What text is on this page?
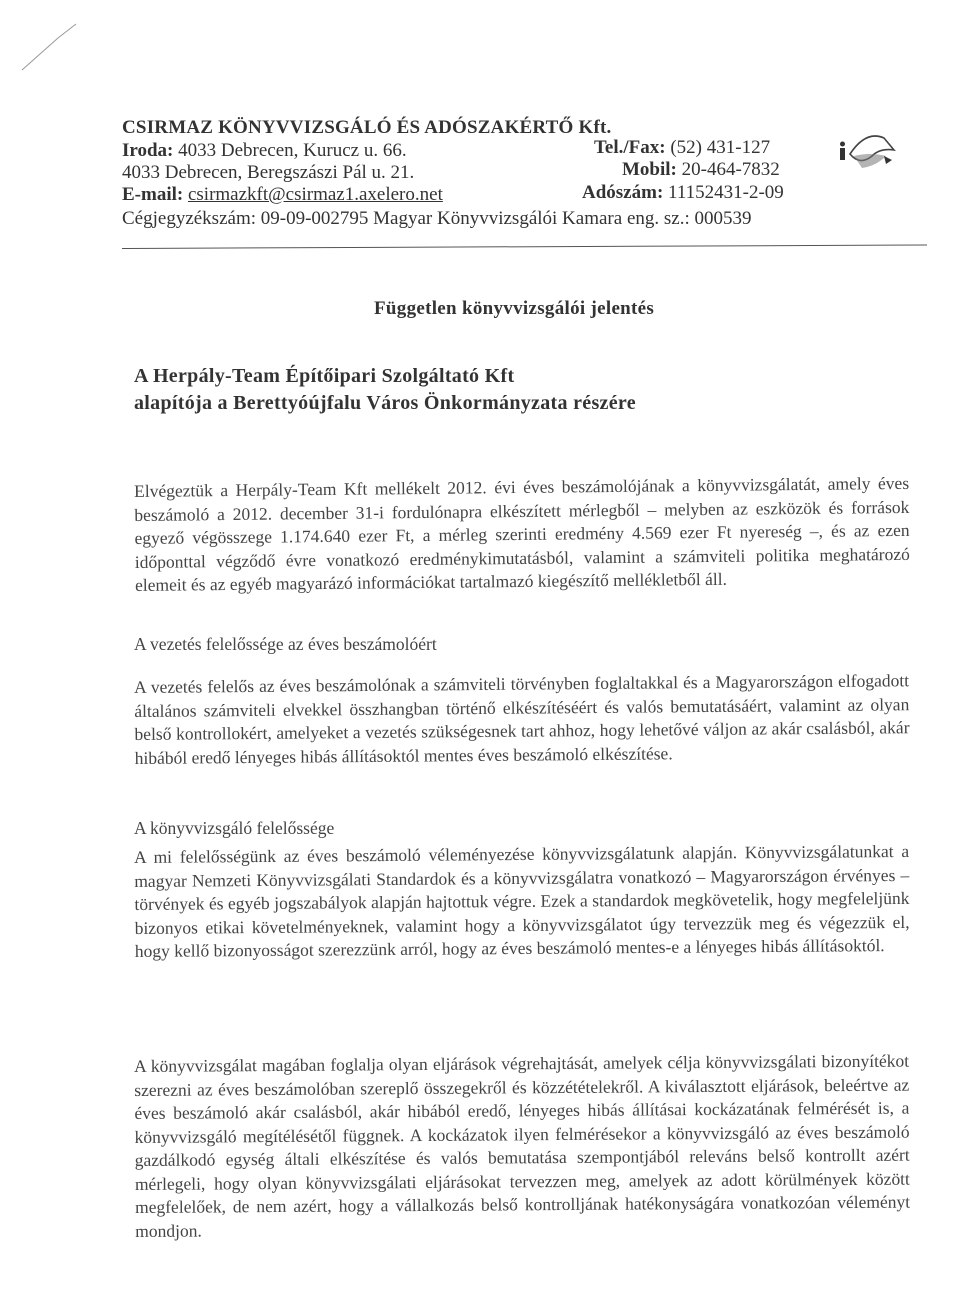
CSIRMAZ KÖNYVVIZSGÁLÓ ÉS ADÓSZAKÉRTŐ Kft.
Iroda: 4033 Debrecen, Kurucz u. 66.
4033 Debrecen, Beregszászi Pál u. 21.
E-mail: csirmazkft@csirmaz1.axelero.net
Cégjegyzékszám: 09-09-002795 Magyar Könyvvizsgálói Kamara eng. sz.: 000539
Tel./Fax: (52) 431-127
Mobil: 20-464-7832
Adószám: 11152431-2-09
Független könyvvizsgálói jelentés
A Herpály-Team Építőipari Szolgáltató Kft
alapítója a Berettyóújfalu Város Önkormányzata részére
Elvégeztük a Herpály-Team Kft mellékelt 2012. évi éves beszámolójának a könyvvizsgálatát, amely éves beszámoló a 2012. december 31-i fordulónapra elkészített mérlegből – melyben az eszközök és források egyező végösszege 1.174.640 ezer Ft, a mérleg szerinti eredmény 4.569 ezer Ft nyereség –, és az ezen időponttal végződő évre vonatkozó eredménykimutatásból, valamint a számviteli politika meghatározó elemeit és az egyéb magyarázó információkat tartalmazó kiegészítő mellékletből áll.
A vezetés felelőssége az éves beszámolóért
A vezetés felelős az éves beszámolónak a számviteli törvényben foglaltakkal és a Magyarországon elfogadott általános számviteli elvekkel összhangban történő elkészítéséért és valós bemutatásáért, valamint az olyan belső kontrollokért, amelyeket a vezetés szükségesnek tart ahhoz, hogy lehetővé váljon az akár csalásból, akár hibából eredő lényeges hibás állításoktól mentes éves beszámoló elkészítése.
A könyvvizsgáló felelőssége
A mi felelősségünk az éves beszámoló véleményezése könyvvizsgálatunk alapján. Könyvvizsgálatunkat a magyar Nemzeti Könyvvizsgálati Standardok és a könyvvizsgálatra vonatkozó – Magyarországon érvényes – törvények és egyéb jogszabályok alapján hajtottuk végre. Ezek a standardok megkövetelik, hogy megfeleljünk bizonyos etikai követelményeknek, valamint hogy a könyvvizsgálatot úgy tervezzük meg és végezzük el, hogy kellő bizonyosságot szerezzünk arról, hogy az éves beszámoló mentes-e a lényeges hibás állításoktól.
A könyvvizsgálat magában foglalja olyan eljárások végrehajtását, amelyek célja könyvvizsgálati bizonyítékot szerezni az éves beszámolóban szereplő összegekről és közzétételekről. A kiválasztott eljárások, beleértve az éves beszámoló akár csalásból, akár hibából eredő, lényeges hibás állításai kockázatának felmérését is, a könyvvizsgáló megítélésétől függnek. A kockázatok ilyen felmérésekor a könyvvizsgáló az éves beszámoló gazdálkodó egység általi elkészítése és valós bemutatása szempontjából releváns belső kontrollt azért mérlegeli, hogy olyan könyvvizsgálati eljárásokat tervezzen meg, amelyek az adott körülmények között megfelelőek, de nem azért, hogy a vállalkozás belső kontrolljának hatékonyságára vonatkozóan véleményt mondjon.
